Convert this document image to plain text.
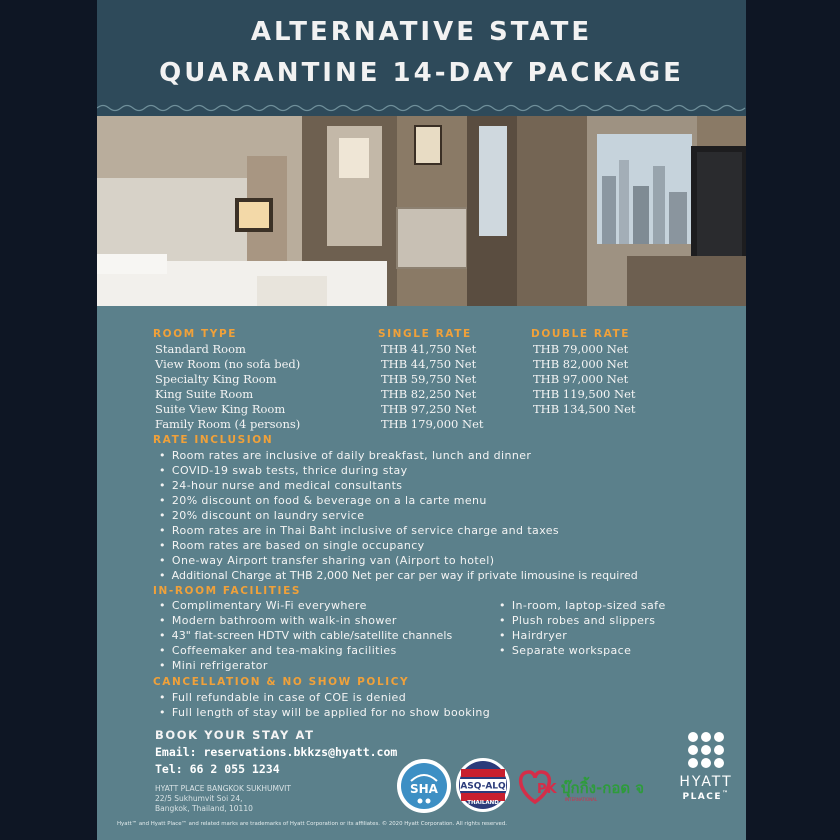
ALTERNATIVE STATE
QUARANTINE 14-DAY PACKAGE
ROOM TYPE	SINGLE RATE	DOUBLE RATE
Standard Room
View Room (no sofa bed)
Specialty King Room
King Suite Room
Suite View King Room
Family Room (4 persons)
THB 41,750 Net
THB 44,750 Net
THB 59,750 Net
THB 82,250 Net
THB 97,250 Net
THB 179,000 Net
THB 79,000 Net
THB 82,000 Net
THB 97,000 Net
THB 119,500 Net
THB 134,500 Net
RATE INCLUSION
• Room rates are inclusive of daily breakfast, lunch and dinner
• COVID-19 swab tests, thrice during stay
• 24-hour nurse and medical consultants
• 20% discount on food & beverage on a la carte menu
• 20% discount on laundry service
• Room rates are in Thai Baht inclusive of service charge and taxes
• Room rates are based on single occupancy
• One-way Airport transfer sharing van (Airport to hotel)
• Additional Charge at THB 2,000 Net per car per way if private limousine is required
IN-ROOM FACILITIES
• Complimentary Wi-Fi everywhere
• Modern bathroom with walk-in shower
• 43" flat-screen HDTV with cable/satellite channels
• Coffeemaker and tea-making facilities
• Mini refrigerator
• In-room, laptop-sized safe
• Plush robes and slippers
• Hairdryer
• Separate workspace
CANCELLATION & NO SHOW POLICY
• Full refundable in case of COE is denied
• Full length of stay will be applied for no show booking
BOOK YOUR STAY AT
Email: reservations.bkkzs@hyatt.com
Tel: 66 2 055 1234
HYATT PLACE BANGKOK SUKHUMVIT
22/5 Sukhumvit Soi 24,
Bangkok, Thailand, 10110
SHA ASQ-ALQ
THAILAND
PK บุ๊กกิ้ง-กอด จ
INTERNATIONAL
HYATT
PLACE™
Hyatt™ and Hyatt Place™ and related marks are trademarks of Hyatt Corporation or its affiliates. © 2020 Hyatt Corporation. All rights reserved.
